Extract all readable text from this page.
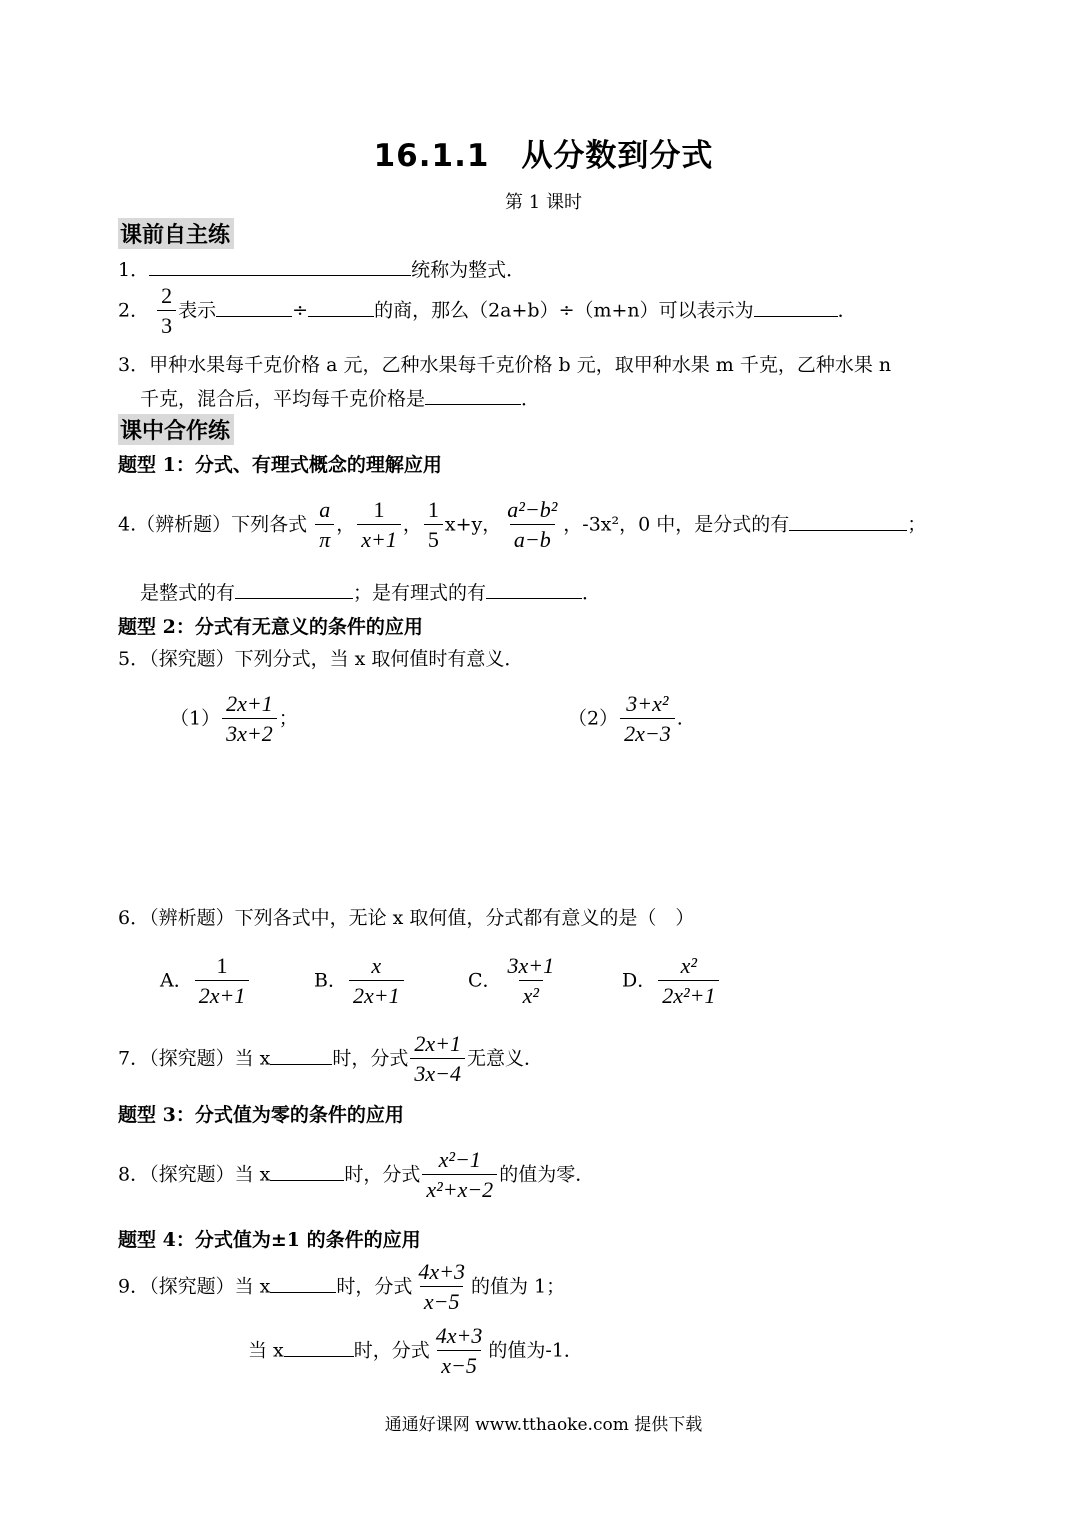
16.1.1　从分数到分式
第 1 课时
课前自主练
1．	统称为整式．
2． $\frac{2}{3}$ 表示	÷	的商，那么（2a+b）÷（m+n）可以表示为	．
3．甲种水果每千克价格 a 元，乙种水果每千克价格 b 元，取甲种水果 m 千克，乙种水果 n
千克，混合后，平均每千克价格是	．
课中合作练
题型 1：分式、有理式概念的理解应用
4.（辨析题）下列各式 $\frac{a}{\pi}$ ， $\frac{1}{x+1}$ ， $\frac{1}{5} x+y$， $\frac{\text{a²−b²}}{a-b}$ ，-3x²，0 中，是分式的有	；
是整式的有	；是有理式的有	．
题型 2：分式有无意义的条件的应用
5．（探究题）下列分式，当 x 取何值时有意义．
$(1) \frac{2x+1}{3x+2}$ ；	$(2) \frac{\text{3+x²}}{2x-3}$ .
6．（辨析题）下列各式中，无论 x 取何值，分式都有意义的是（　）
A． $\frac{1}{2x+1}$	B． $\frac{x}{2x+1}$	C． $\frac{3x+1}{\text{x²}}$	D． $\frac{\text{x²}}{\text{2x²+1}}$
7．（探究题）当 x	时，分式 $\frac{2x+1}{3x-4}$ 无意义．
题型 3：分式值为零的条件的应用
8．（探究题）当 x	时，分式 $\frac{\text{x²−1}}{\text{x²+x−2}}$ 的值为零．
题型 4：分式值为±1 的条件的应用
9．（探究题）当 x	时，分式 $\frac{4x+3}{x-5}$ 的值为 1；
当 x	时，分式 $\frac{4x+3}{x-5}$ 的值为-1．
通通好课网 www.tthaoke.com 提供下载
